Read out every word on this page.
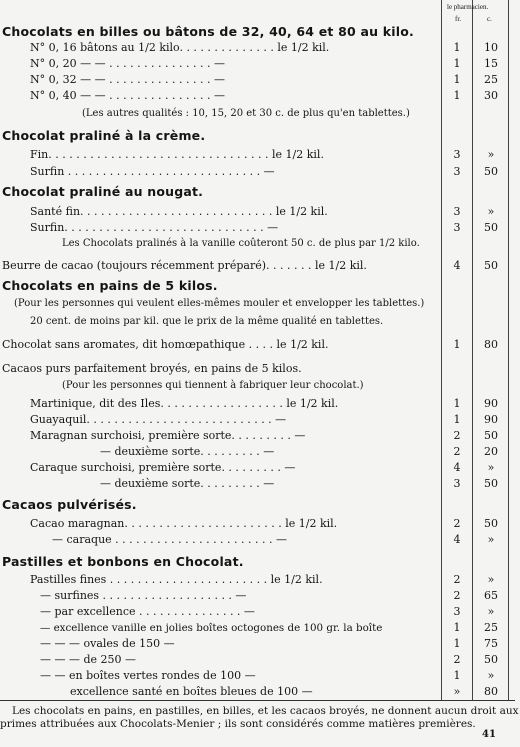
le pharmacien.
fr.	c.
Chocolats en billes ou bâtons de 32, 40, 64 et 80 au kilo.
N° 0, 16 bâtons au 1/2 kilo. . . . . . . . . . . . . . le 1/2 kil.	1	10
N° 0, 20 — — . . . . . . . . . . . . . . . —	1	15
N° 0, 32 — — . . . . . . . . . . . . . . . —	1	25
N° 0, 40 — — . . . . . . . . . . . . . . . —	1	30
(Les autres qualités : 10, 15, 20 et 30 c. de plus qu'en tablettes.)
Chocolat praliné à la crème.
Fin. . . . . . . . . . . . . . . . . . . . . . . . . . . . . . . . le 1/2 kil.	3	»
Surfin . . . . . . . . . . . . . . . . . . . . . . . . . . . . —	3	50
Chocolat praliné au nougat.
Santé fin. . . . . . . . . . . . . . . . . . . . . . . . . . . . le 1/2 kil.	3	»
Surfin. . . . . . . . . . . . . . . . . . . . . . . . . . . . . —	3	50
Les Chocolats pralinés à la vanille coûteront 50 c. de plus par 1/2 kilo.
Beurre de cacao (toujours récemment préparé). . . . . . . le 1/2 kil.	4	50
Chocolats en pains de 5 kilos.
(Pour les personnes qui veulent elles-mêmes mouler et envelopper les tablettes.)
20 cent. de moins par kil. que le prix de la même qualité en tablettes.
Chocolat sans aromates, dit homœpathique . . . . le 1/2 kil.	1	80
Cacaos purs parfaitement broyés, en pains de 5 kilos.
(Pour les personnes qui tiennent à fabriquer leur chocolat.)
Martinique, dit des Iles. . . . . . . . . . . . . . . . . . le 1/2 kil.	1	90
Guayaquil. . . . . . . . . . . . . . . . . . . . . . . . . . . —	1	90
Maragnan surchoisi, première sorte. . . . . . . . . —	2	50
— deuxième sorte. . . . . . . . . —	2	20
Caraque surchoisi, première sorte. . . . . . . . . —	4	»
— deuxième sorte. . . . . . . . . —	3	50
Cacaos pulvérisés.
Cacao maragnan. . . . . . . . . . . . . . . . . . . . . . . le 1/2 kil.	2	50
— caraque . . . . . . . . . . . . . . . . . . . . . . . —	4	»
Pastilles et bonbons en Chocolat.
Pastilles fines . . . . . . . . . . . . . . . . . . . . . . . le 1/2 kil.	2	»
— surfines . . . . . . . . . . . . . . . . . . . —	2	65
— par excellence . . . . . . . . . . . . . . . —	3	»
— excellence vanille en jolies boîtes octogones de 100 gr. la boîte	1	25
— — — ovales de 150 —	1	75
— — — de 250 —	2	50
— — en boîtes vertes rondes de 100 —	1	»
excellence santé en boîtes bleues de 100 —	»	80
Les chocolats en pains, en pastilles, en billes, et les cacaos broyés, ne donnent aucun droit aux
primes attribuées aux Chocolats-Menier ; ils sont considérés comme matières premières.
41
